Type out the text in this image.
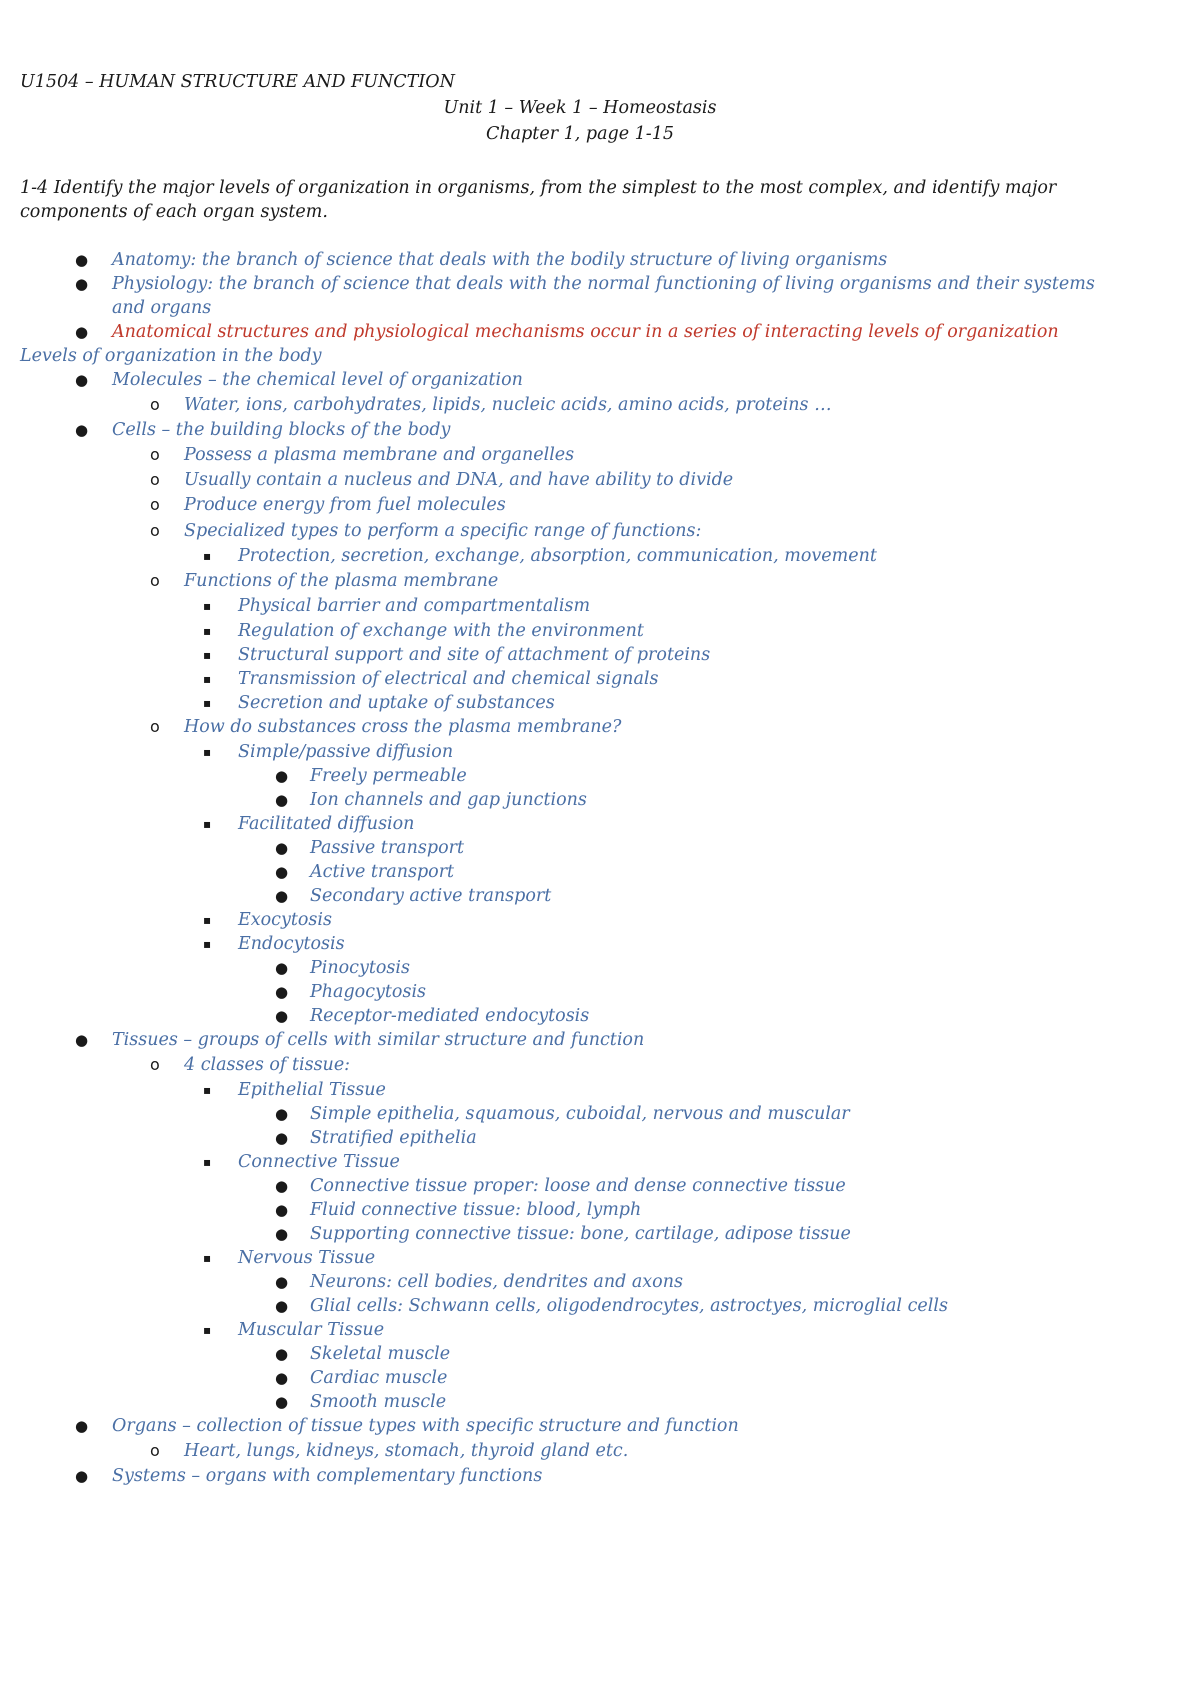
U1504 – HUMAN STRUCTURE AND FUNCTION
Unit 1 – Week 1 – Homeostasis
Chapter 1, page 1-15
1-4 Identify the major levels of organization in organisms, from the simplest to the most complex, and identify major
components of each organ system.
● Anatomy: the branch of science that deals with the bodily structure of living organisms
● Physiology: the branch of science that deals with the normal functioning of living organisms and their systems
and organs
● Anatomical structures and physiological mechanisms occur in a series of interacting levels of organization
Levels of organization in the body
● Molecules – the chemical level of organization
o Water, ions, carbohydrates, lipids, nucleic acids, amino acids, proteins …
● Cells – the building blocks of the body
o Possess a plasma membrane and organelles
o Usually contain a nucleus and DNA, and have ability to divide
o Produce energy from fuel molecules
o Specialized types to perform a specific range of functions:
▪ Protection, secretion, exchange, absorption, communication, movement
o Functions of the plasma membrane
▪ Physical barrier and compartmentalism
▪ Regulation of exchange with the environment
▪ Structural support and site of attachment of proteins
▪ Transmission of electrical and chemical signals
▪ Secretion and uptake of substances
o How do substances cross the plasma membrane?
▪ Simple/passive diffusion
● Freely permeable
● Ion channels and gap junctions
▪ Facilitated diffusion
● Passive transport
● Active transport
● Secondary active transport
▪ Exocytosis
▪ Endocytosis
● Pinocytosis
● Phagocytosis
● Receptor-mediated endocytosis
● Tissues – groups of cells with similar structure and function
o 4 classes of tissue:
▪ Epithelial Tissue
● Simple epithelia, squamous, cuboidal, nervous and muscular
● Stratified epithelia
▪ Connective Tissue
● Connective tissue proper: loose and dense connective tissue
● Fluid connective tissue: blood, lymph
● Supporting connective tissue: bone, cartilage, adipose tissue
▪ Nervous Tissue
● Neurons: cell bodies, dendrites and axons
● Glial cells: Schwann cells, oligodendrocytes, astroctyes, microglial cells
▪ Muscular Tissue
● Skeletal muscle
● Cardiac muscle
● Smooth muscle
● Organs – collection of tissue types with specific structure and function
o Heart, lungs, kidneys, stomach, thyroid gland etc.
● Systems – organs with complementary functions
